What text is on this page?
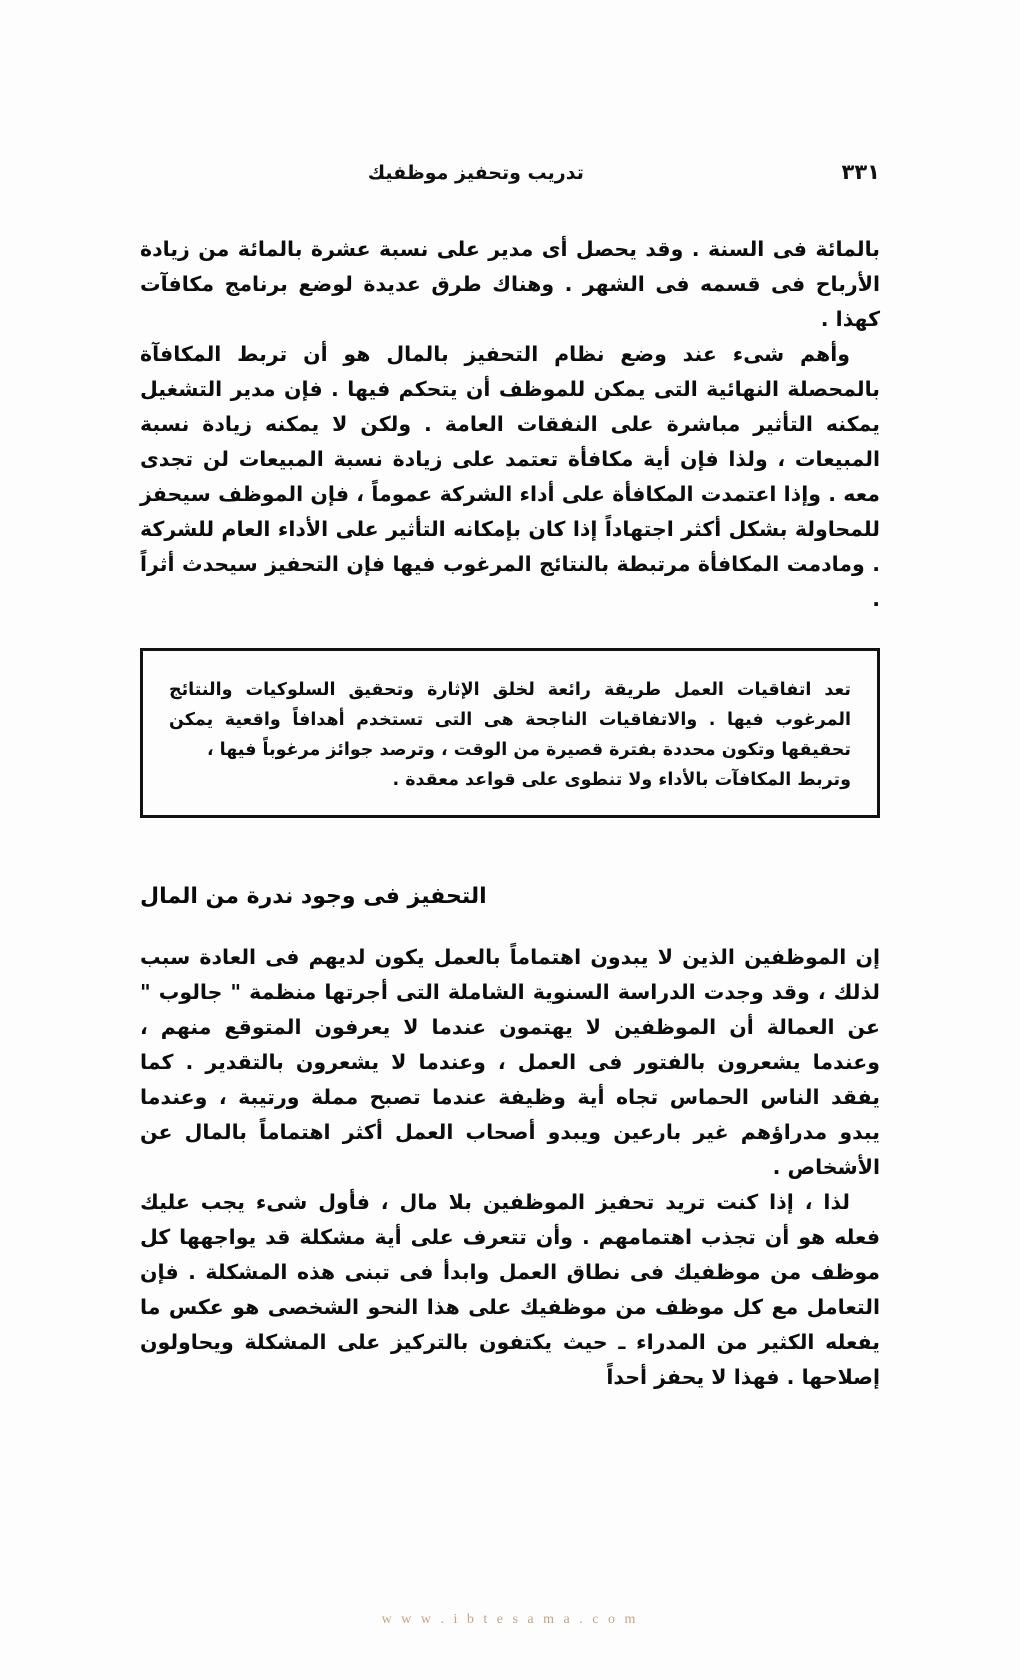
٣٣١
تدريب وتحفيز موظفيك

بالمائة فى السنة . وقد يحصل أى مدير على نسبة عشرة بالمائة من زيادة الأرباح فى قسمه فى الشهر . وهناك طرق عديدة لوضع برنامج مكافآت كهذا .

وأهم شىء عند وضع نظام التحفيز بالمال هو أن تربط المكافآة بالمحصلة النهائية التى يمكن للموظف أن يتحكم فيها . فإن مدير التشغيل يمكنه التأثير مباشرة على النفقات العامة . ولكن لا يمكنه زيادة نسبة المبيعات ، ولذا فإن أية مكافأة تعتمد على زيادة نسبة المبيعات لن تجدى معه . وإذا اعتمدت المكافأة على أداء الشركة عموماً ، فإن الموظف سيحفز للمحاولة بشكل أكثر اجتهاداً إذا كان بإمكانه التأثير على الأداء العام للشركة . ومادمت المكافأة مرتبطة بالنتائج المرغوب فيها فإن التحفيز سيحدث أثراً .

تعد اتفاقيات العمل طريقة رائعة لخلق الإثارة وتحقيق السلوكيات والنتائج المرغوب فيها . والاتفاقيات الناجحة هى التى تستخدم أهدافاً واقعية يمكن تحقيقها وتكون محددة بفترة قصيرة من الوقت ، وترصد جوائز مرغوباً فيها ،

وتربط المكافآت بالأداء ولا تنطوى على قواعد معقدة .

التحفيز فى وجود ندرة من المال

إن الموظفين الذين لا يبدون اهتماماً بالعمل يكون لديهم فى العادة سبب لذلك ، وقد وجدت الدراسة السنوية الشاملة التى أجرتها منظمة " جالوب " عن العمالة أن الموظفين لا يهتمون عندما لا يعرفون المتوقع منهم ، وعندما يشعرون بالفتور فى العمل ، وعندما لا يشعرون بالتقدير . كما يفقد الناس الحماس تجاه أية وظيفة عندما تصبح مملة ورتيبة ، وعندما يبدو مدراؤهم غير بارعين ويبدو أصحاب العمل أكثر اهتماماً بالمال عن الأشخاص .

لذا ، إذا كنت تريد تحفيز الموظفين بلا مال ، فأول شىء يجب عليك فعله هو أن تجذب اهتمامهم . وأن تتعرف على أية مشكلة قد يواجهها كل موظف من موظفيك فى نطاق العمل وابدأ فى تبنى هذه المشكلة . فإن التعامل مع كل موظف من موظفيك على هذا النحو الشخصى هو عكس ما يفعله الكثير من المدراء ـ حيث يكتفون بالتركيز على المشكلة ويحاولون إصلاحها . فهذا لا يحفز أحداً

w w w . i b t e s a m a . c o m
